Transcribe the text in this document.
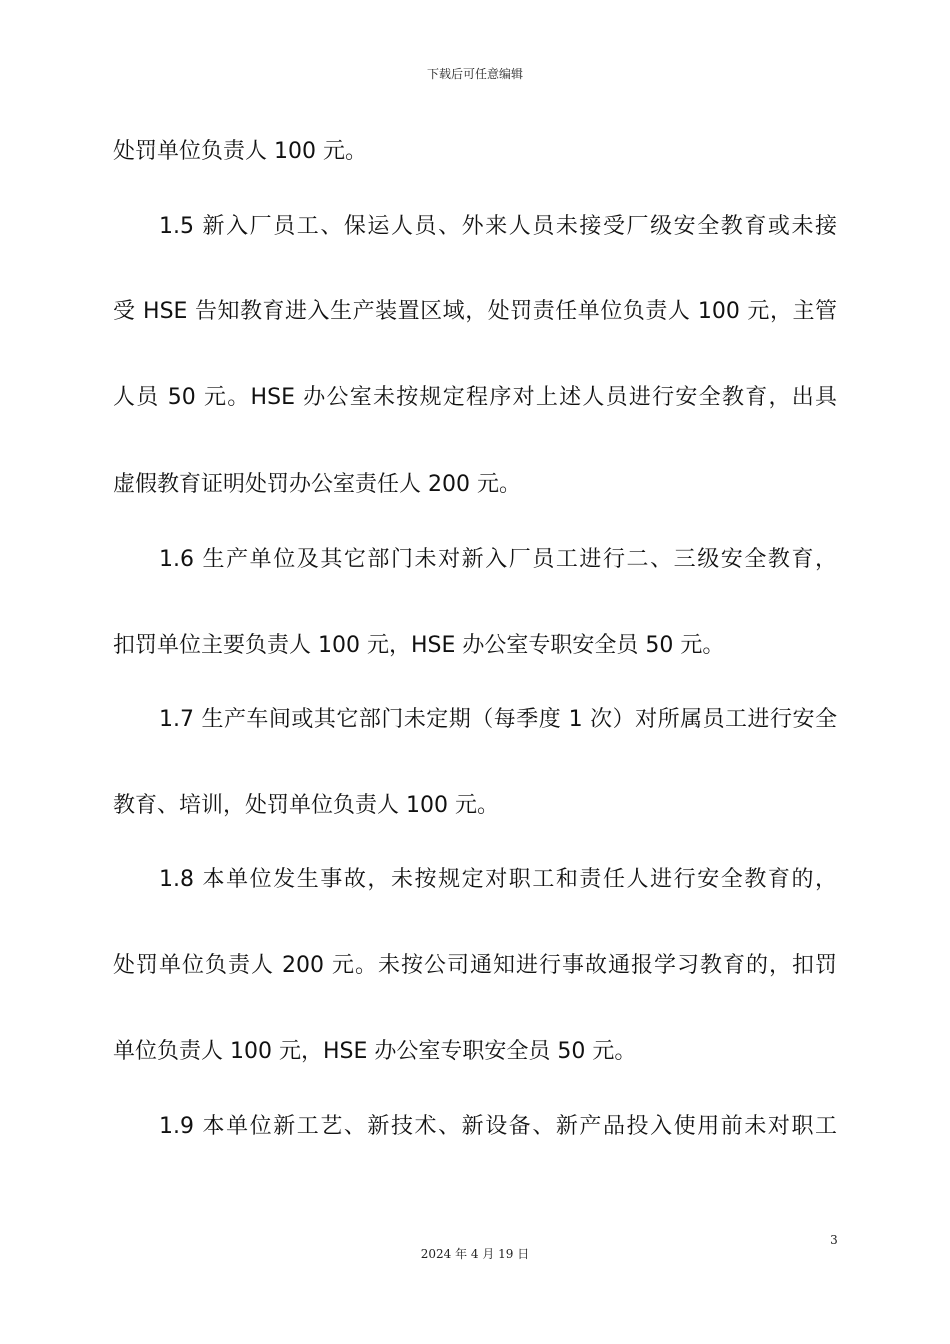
下载后可任意编辑
处罚单位负责人 100 元。
1.5 新入厂员工、保运人员、外来人员未接受厂级安全教育或未接
受 HSE 告知教育进入生产装置区域，处罚责任单位负责人 100 元，主管
人员 50 元。HSE 办公室未按规定程序对上述人员进行安全教育，出具
虚假教育证明处罚办公室责任人 200 元。
1.6 生产单位及其它部门未对新入厂员工进行二、三级安全教育，
扣罚单位主要负责人 100 元，HSE 办公室专职安全员 50 元。
1.7 生产车间或其它部门未定期（每季度 1 次）对所属员工进行安全
教育、培训，处罚单位负责人 100 元。
1.8 本单位发生事故，未按规定对职工和责任人进行安全教育的，
处罚单位负责人 200 元。未按公司通知进行事故通报学习教育的，扣罚
单位负责人 100 元，HSE 办公室专职安全员 50 元。
1.9 本单位新工艺、新技术、新设备、新产品投入使用前未对职工
3
2024 年 4 月 19 日
